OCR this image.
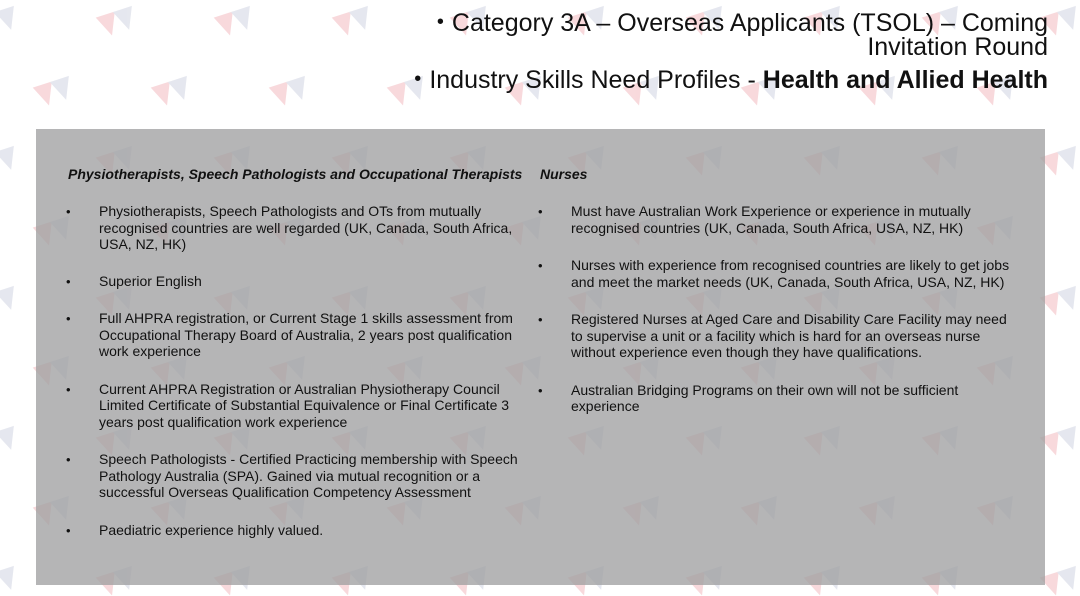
• Category 3A – Overseas Applicants (TSOL) – Coming
Invitation Round
• Industry Skills Need Profiles - Health and Allied Health
Physiotherapists, Speech Pathologists and Occupational Therapists
• Physiotherapists, Speech Pathologists and OTs from mutually recognised countries are well regarded (UK, Canada, South Africa, USA, NZ, HK)
• Superior English
• Full AHPRA registration, or Current Stage 1 skills assessment from Occupational Therapy Board of Australia, 2 years post qualification work experience
• Current AHPRA Registration or Australian Physiotherapy Council Limited Certificate of Substantial Equivalence or Final Certificate 3 years post qualification work experience
• Speech Pathologists - Certified Practicing membership with Speech Pathology Australia (SPA). Gained via mutual recognition or a successful Overseas Qualification Competency Assessment
• Paediatric experience highly valued.
Nurses
• Must have Australian Work Experience or experience in mutually recognised countries (UK, Canada, South Africa, USA, NZ, HK)
• Nurses with experience from recognised countries are likely to get jobs and meet the market needs (UK, Canada, South Africa, USA, NZ, HK)
• Registered Nurses at Aged Care and Disability Care Facility may need to supervise a unit or a facility which is hard for an overseas nurse without experience even though they have qualifications.
• Australian Bridging Programs on their own will not be sufficient experience
